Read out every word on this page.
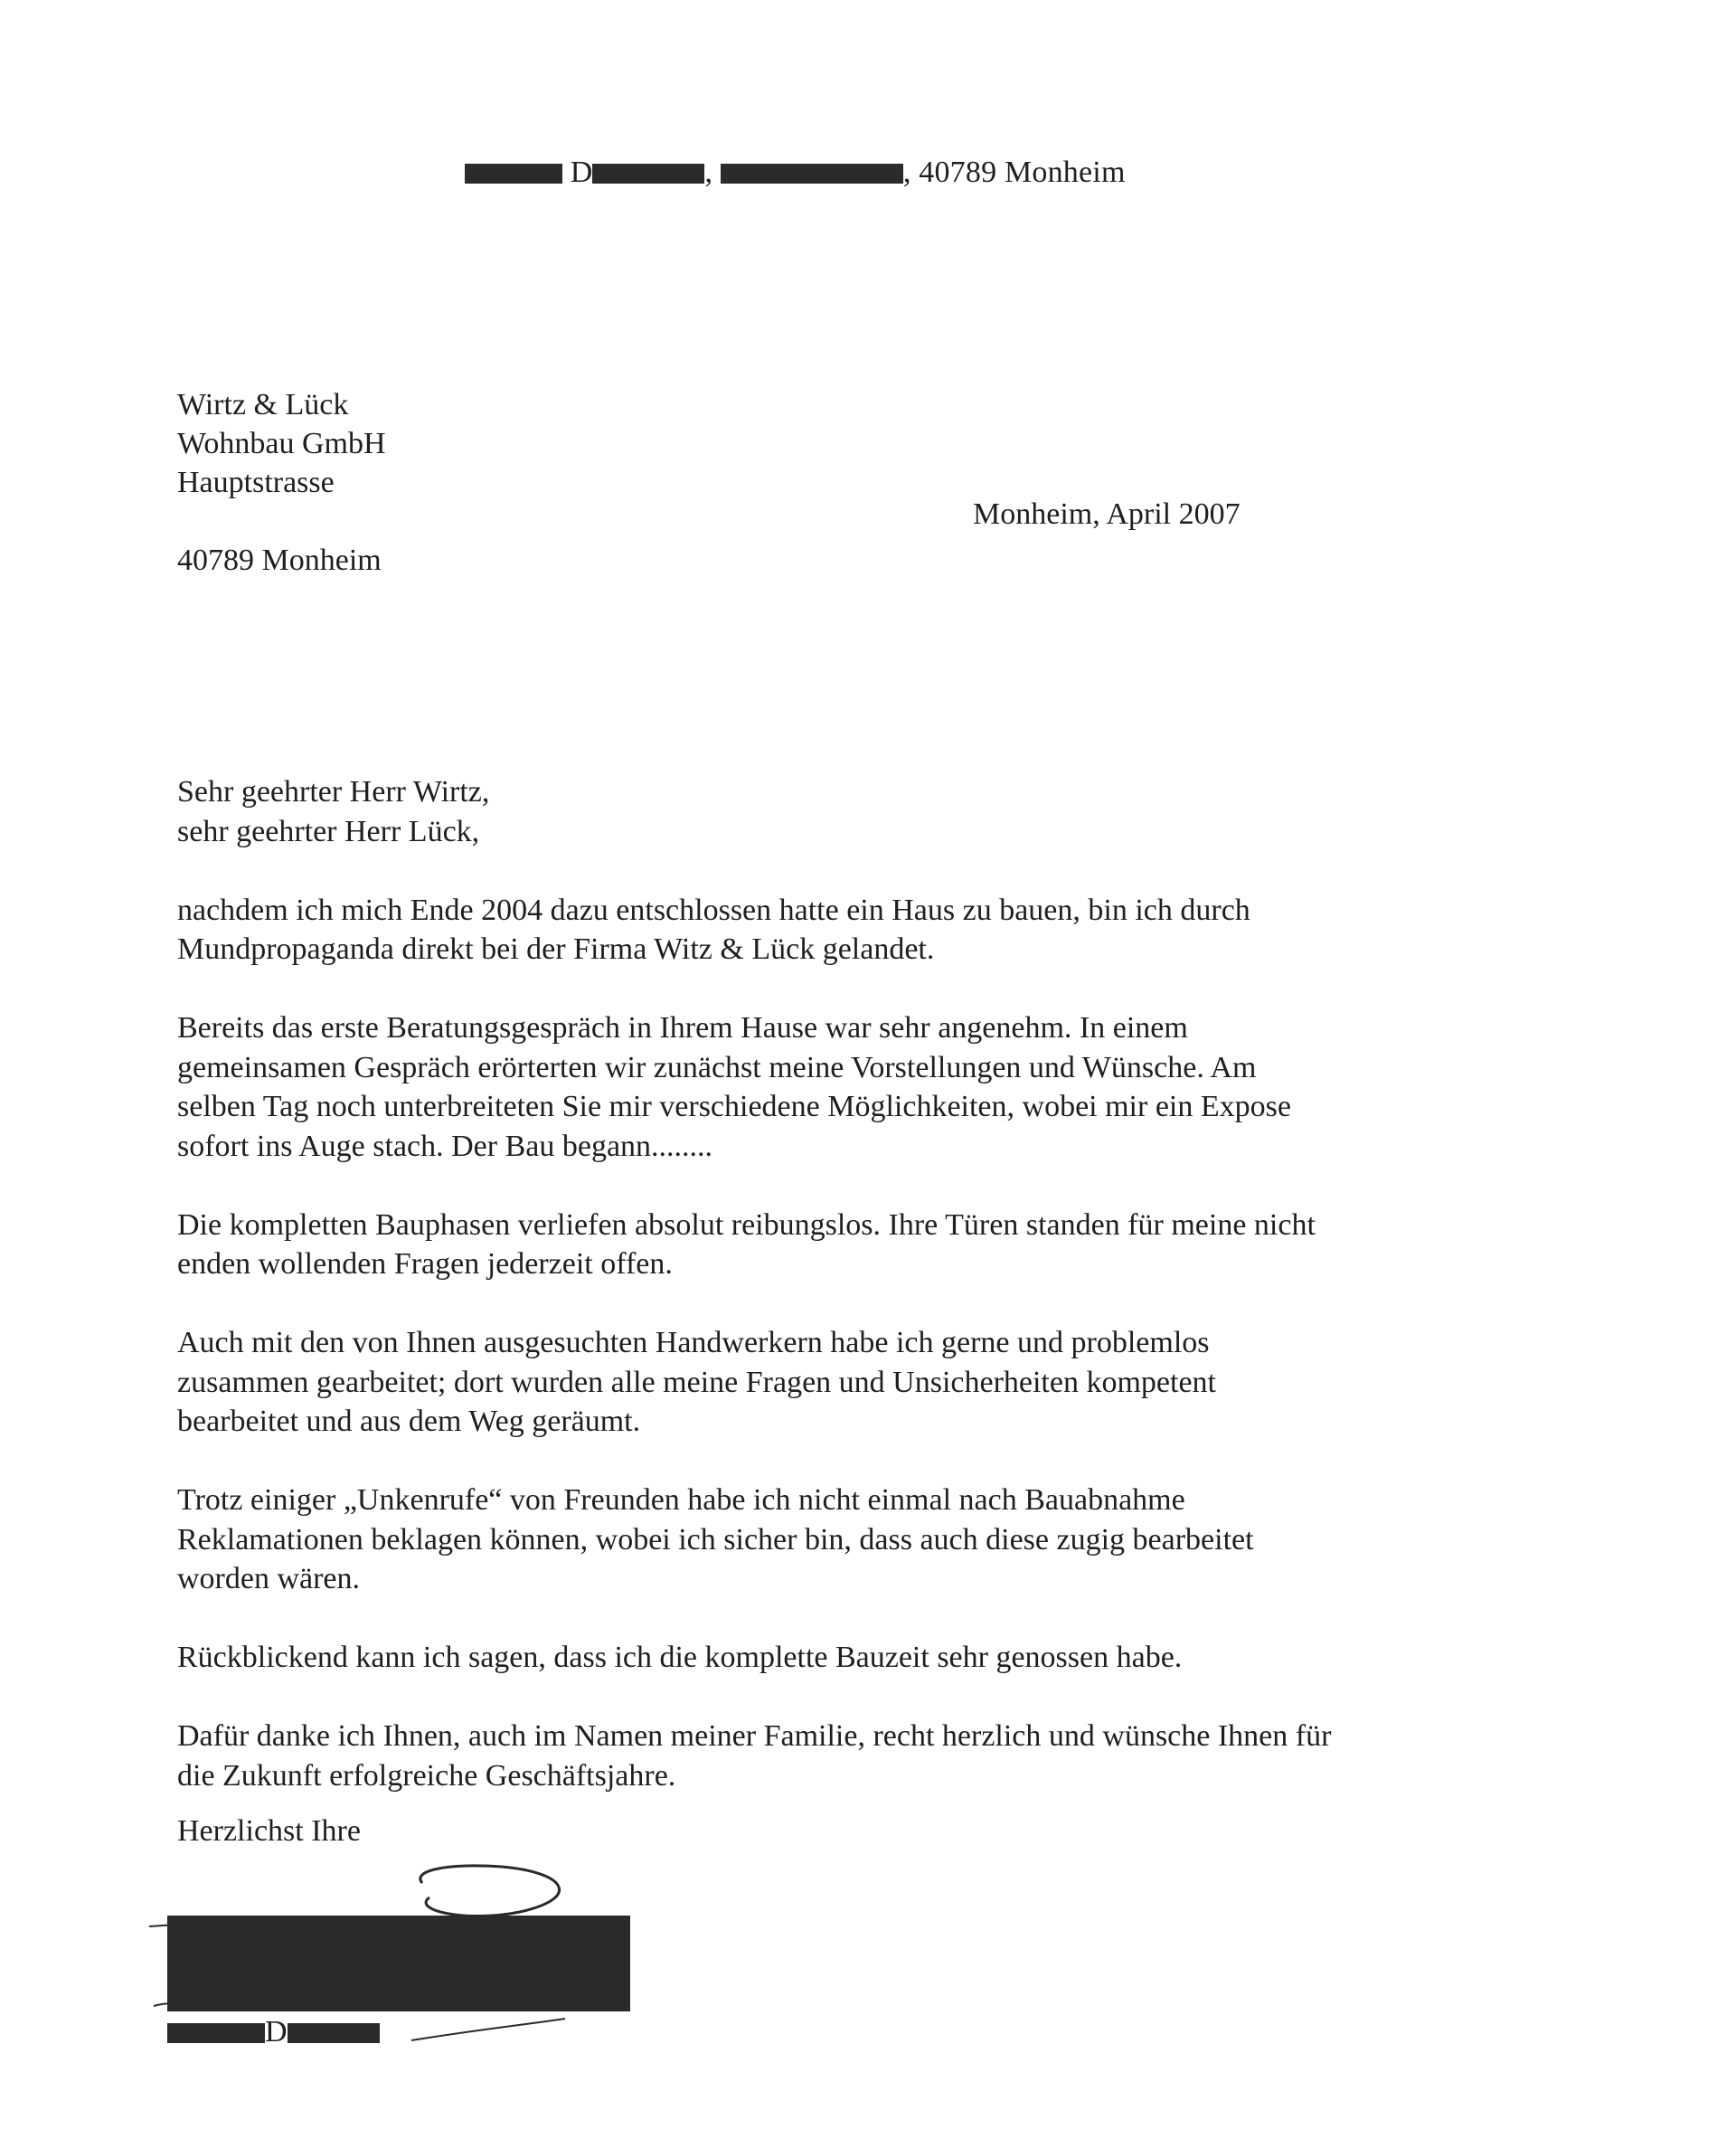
D	,	, 40789 Monheim
Wirtz & Lück
Wohnbau GmbH
Hauptstrasse
40789 Monheim
Monheim, April 2007

Sehr geehrter Herr Wirtz,
sehr geehrter Herr Lück,

nachdem ich mich Ende 2004 dazu entschlossen hatte ein Haus zu bauen, bin ich durch
Mundpropaganda direkt bei der Firma Witz & Lück gelandet.

Bereits das erste Beratungsgespräch in Ihrem Hause war sehr angenehm. In einem
gemeinsamen Gespräch erörterten wir zunächst meine Vorstellungen und Wünsche. Am
selben Tag noch unterbreiteten Sie mir verschiedene Möglichkeiten, wobei mir ein Expose
sofort ins Auge stach. Der Bau begann........

Die kompletten Bauphasen verliefen absolut reibungslos. Ihre Türen standen für meine nicht
enden wollenden Fragen jederzeit offen.

Auch mit den von Ihnen ausgesuchten Handwerkern habe ich gerne und problemlos
zusammen gearbeitet; dort wurden alle meine Fragen und Unsicherheiten kompetent
bearbeitet und aus dem Weg geräumt.

Trotz einiger „Unkenrufe“ von Freunden habe ich nicht einmal nach Bauabnahme
Reklamationen beklagen können, wobei ich sicher bin, dass auch diese zugig bearbeitet
worden wären.

Rückblickend kann ich sagen, dass ich die komplette Bauzeit sehr genossen habe.

Dafür danke ich Ihnen, auch im Namen meiner Familie, recht herzlich und wünsche Ihnen für
die Zukunft erfolgreiche Geschäftsjahre.

Herzlichst Ihre
D
